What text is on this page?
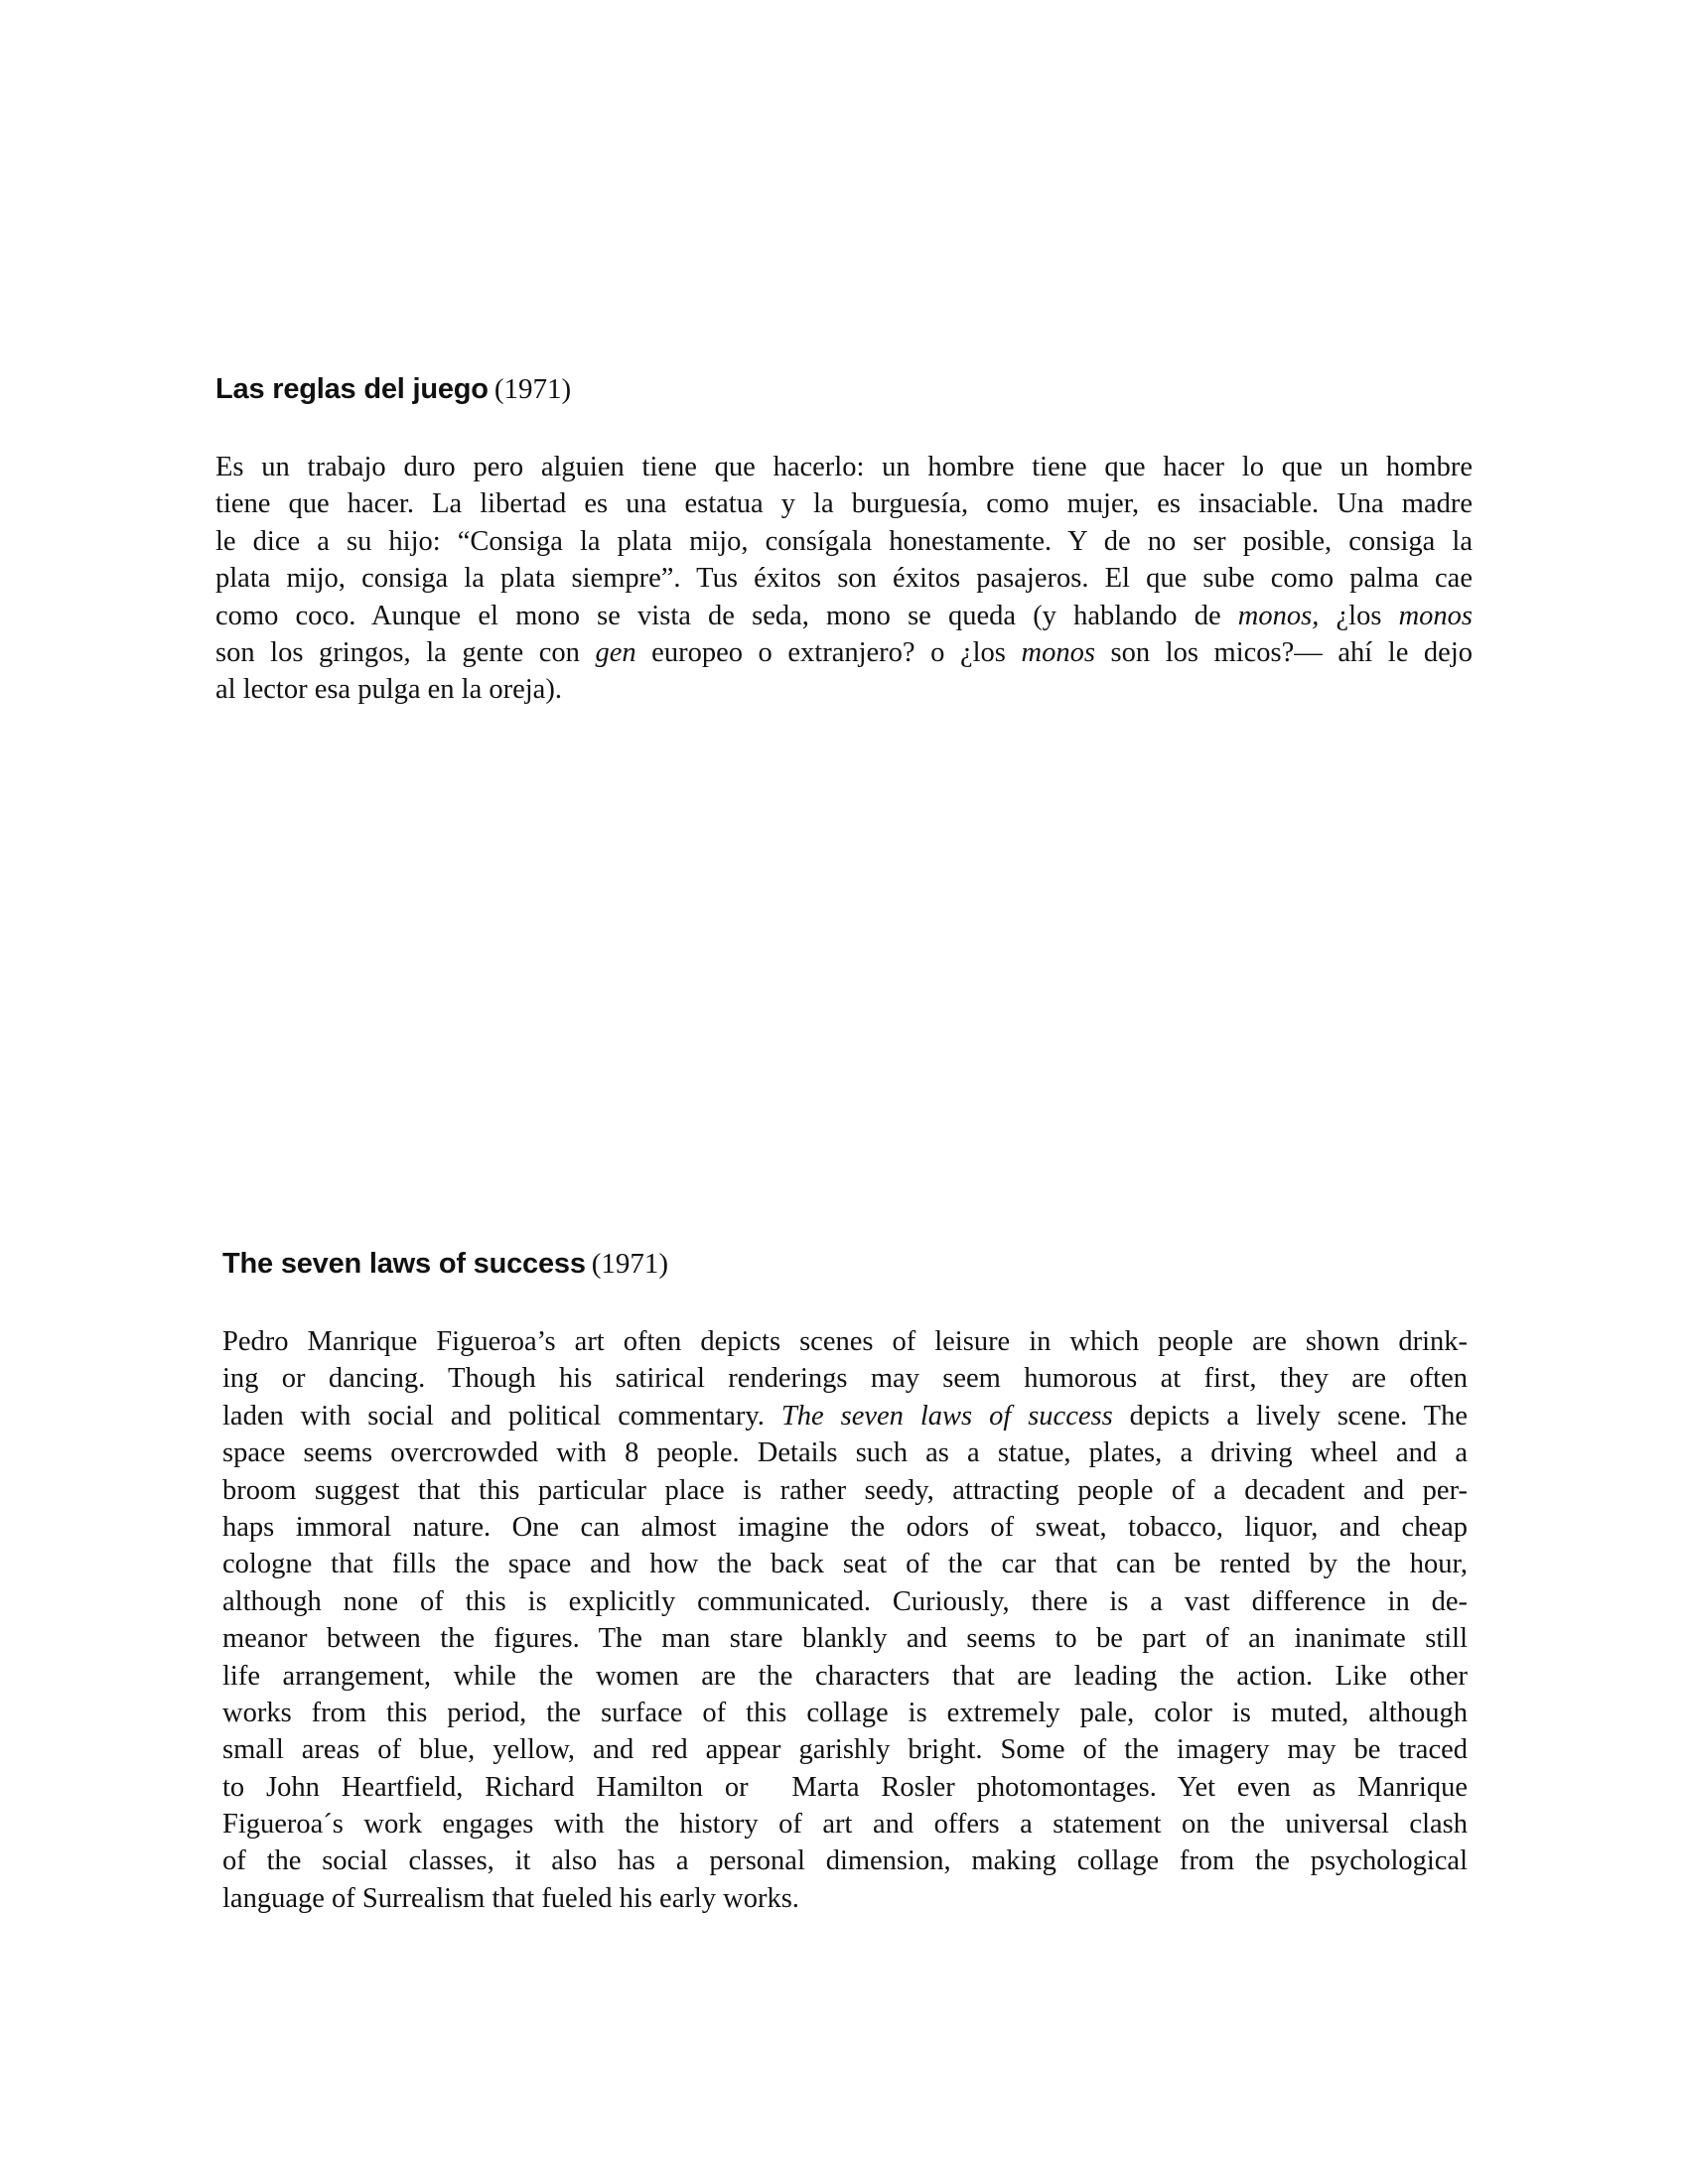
Las reglas del juego (1971)
Es un trabajo duro pero alguien tiene que hacerlo: un hombre tiene que hacer lo que un hombre
tiene que hacer. La libertad es una estatua y la burguesía, como mujer, es insaciable. Una madre
le dice a su hijo: “Consiga la plata mijo, consígala honestamente. Y de no ser posible, consiga la
plata mijo, consiga la plata siempre”. Tus éxitos son éxitos pasajeros. El que sube como palma cae
como coco. Aunque el mono se vista de seda, mono se queda (y hablando de monos, ¿los monos
son los gringos, la gente con gen europeo o extranjero? o ¿los monos son los micos?— ahí le dejo
al lector esa pulga en la oreja).
The seven laws of success (1971)
Pedro Manrique Figueroa’s art often depicts scenes of leisure in which people are shown drink-
ing or dancing. Though his satirical renderings may seem humorous at first, they are often
laden with social and political commentary. The seven laws of success depicts a lively scene. The
space seems overcrowded with 8 people. Details such as a statue, plates, a driving wheel and a
broom suggest that this particular place is rather seedy, attracting people of a decadent and per-
haps immoral nature. One can almost imagine the odors of sweat, tobacco, liquor, and cheap
cologne that fills the space and how the back seat of the car that can be rented by the hour,
although none of this is explicitly communicated. Curiously, there is a vast difference in de-
meanor between the figures. The man stare blankly and seems to be part of an inanimate still
life arrangement, while the women are the characters that are leading the action. Like other
works from this period, the surface of this collage is extremely pale, color is muted, although
small areas of blue, yellow, and red appear garishly bright. Some of the imagery may be traced
to John Heartfield, Richard Hamilton or  Marta Rosler photomontages. Yet even as Manrique
Figueroa´s work engages with the history of art and offers a statement on the universal clash
of the social classes, it also has a personal dimension, making collage from the psychological
language of Surrealism that fueled his early works.
